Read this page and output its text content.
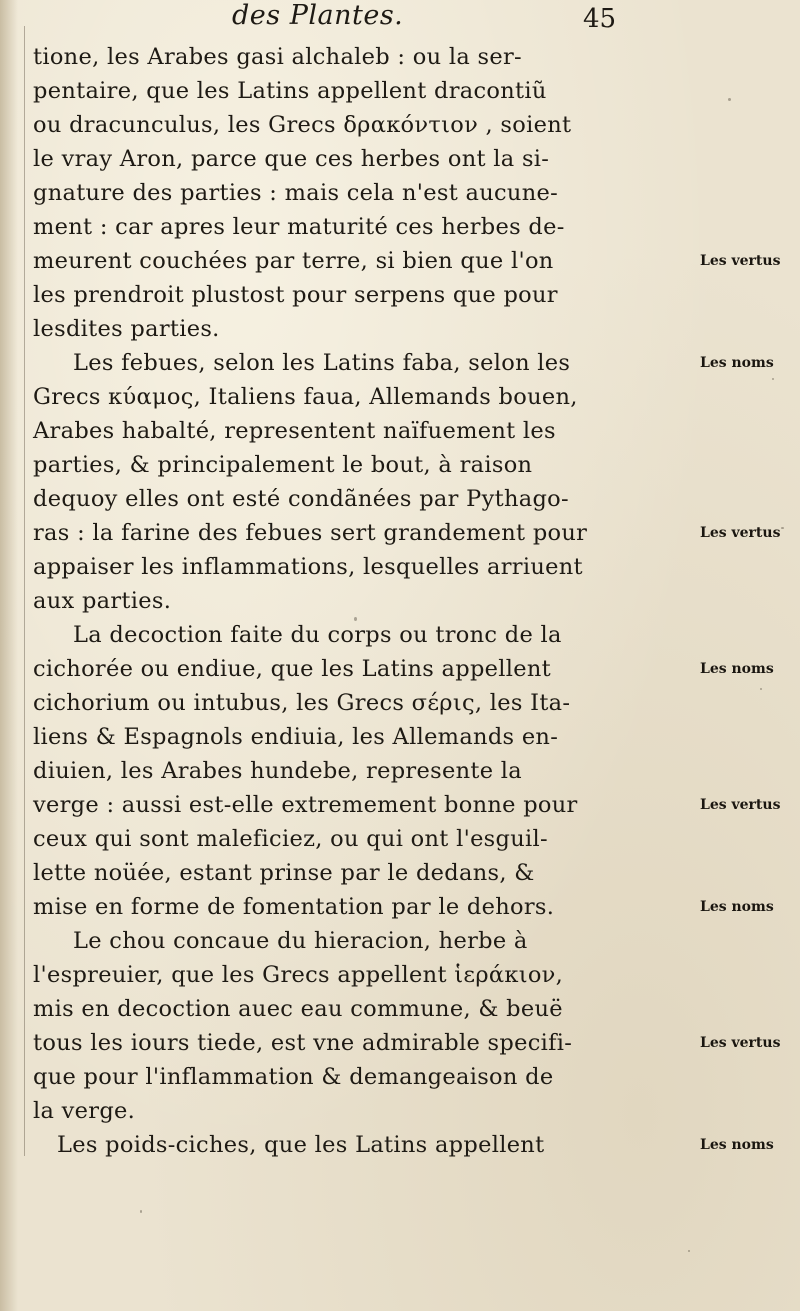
des Plantes.	45
tione, les Arabes gasi alchaleb : ou la ser-
pentaire, que les Latins appellent dracontiũ
ou dracunculus, les Grecs δρακόντιον , soient
le vray Aron, parce que ces herbes ont la si-
gnature des parties : mais cela n'est aucune-
ment : car apres leur maturité ces herbes de-
meurent couchées par terre, si bien que l'on
les prendroit plustost pour serpens que pour
lesdites parties.
Les febues, selon les Latins faba, selon les
Grecs κύαμος, Italiens faua, Allemands bouen,
Arabes habalté, representent naïfuement les
parties, & principalement le bout, à raison
dequoy elles ont esté condãnées par Pythago-
ras : la farine des febues sert grandement pour
appaiser les inflammations, lesquelles arriuent
aux parties.
La decoction faite du corps ou tronc de la
cichorée ou endiue, que les Latins appellent
cichorium ou intubus, les Grecs σέρις, les Ita-
liens & Espagnols endiuia, les Allemands en-
diuien, les Arabes hundebe, represente la
verge : aussi est-elle extremement bonne pour
ceux qui sont maleficiez, ou qui ont l'esguil-
lette noüée, estant prinse par le dedans, &
mise en forme de fomentation par le dehors.
Le chou concaue du hieracion, herbe à
l'espreuier, que les Grecs appellent ἱεράκιον,
mis en decoction auec eau commune, & beuë
tous les iours tiede, est vne admirable specifi-
que pour l'inflammation & demangeaison de
la verge.
Les poids-ciches, que les Latins appellent
Les vertus
Les noms
Les vertus
Les noms
Les vertus
Les noms
Les vertus
Les noms
